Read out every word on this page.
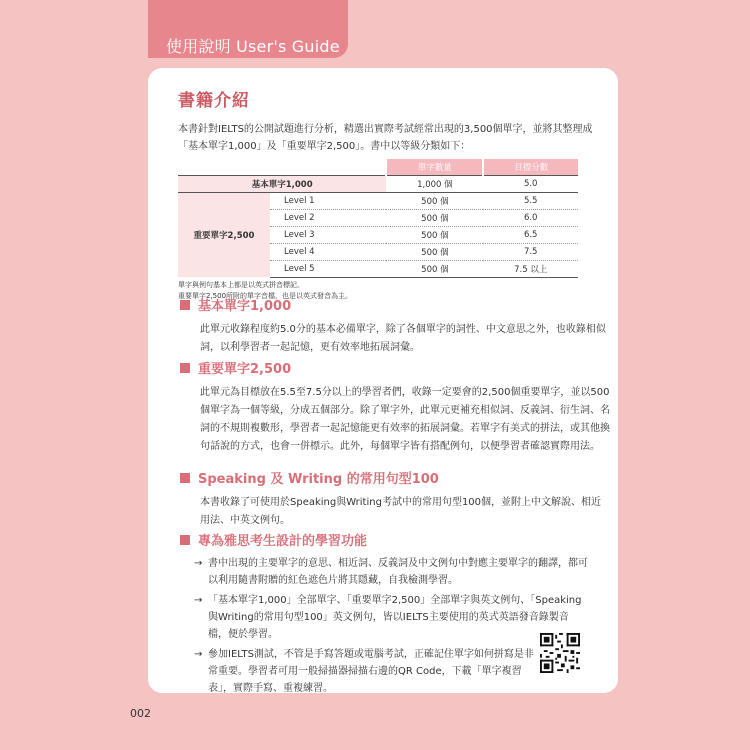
使用說明 User's Guide
書籍介紹
本書針對IELTS的公開試題進行分析，精選出實際考試經常出現的3,500個單字，並將其整理成「基本單字1,000」及「重要單字2,500」。書中以等級分類如下：
		單字數量	目標分數
基本單字1,000		1,000 個	5.0
重要單字2,500	Level 1	500 個	5.5
	Level 2	500 個	6.0
	Level 3	500 個	6.5
	Level 4	500 個	7.5
	Level 5	500 個	7.5 以上
單字與例句基本上都是以英式拼音標記。
重要單字2,500所附的單字音檔，也是以英式發音為主。
基本單字1,000
此單元收錄程度約5.0分的基本必備單字，除了各個單字的詞性、中文意思之外，也收錄相似詞，以利學習者一起記憶，更有效率地拓展詞彙。
重要單字2,500
此單元為目標放在5.5至7.5分以上的學習者們，收錄一定要會的2,500個重要單字，並以500個單字為一個等級，分成五個部分。除了單字外，此單元更補充相似詞、反義詞、衍生詞、名詞的不規則複數形，學習者一起記憶能更有效率的拓展詞彙。若單字有美式的拼法，或其他換句話說的方式，也會一併標示。此外，每個單字皆有搭配例句，以便學習者確認實際用法。
Speaking 及 Writing 的常用句型100
本書收錄了可使用於Speaking與Writing考試中的常用句型100個，並附上中文解說、相近用法、中英文例句。
專為雅思考生設計的學習功能
→ 書中出現的主要單字的意思、相近詞、反義詞及中文例句中對應主要單字的翻譯，都可以利用隨書附贈的紅色遮色片將其隱藏，自我檢測學習。
→ 「基本單字1,000」全部單字、「重要單字2,500」全部單字與英文例句、「Speaking與Writing的常用句型100」英文例句，皆以IELTS主要使用的英式英語發音錄製音檔，便於學習。
→ 參加IELTS測試，不管是手寫答題或電腦考試，正確記住單字如何拼寫是非常重要。學習者可用一般掃描器掃描右邊的QR Code，下載「單字複習表」，實際手寫、重複練習。
002
